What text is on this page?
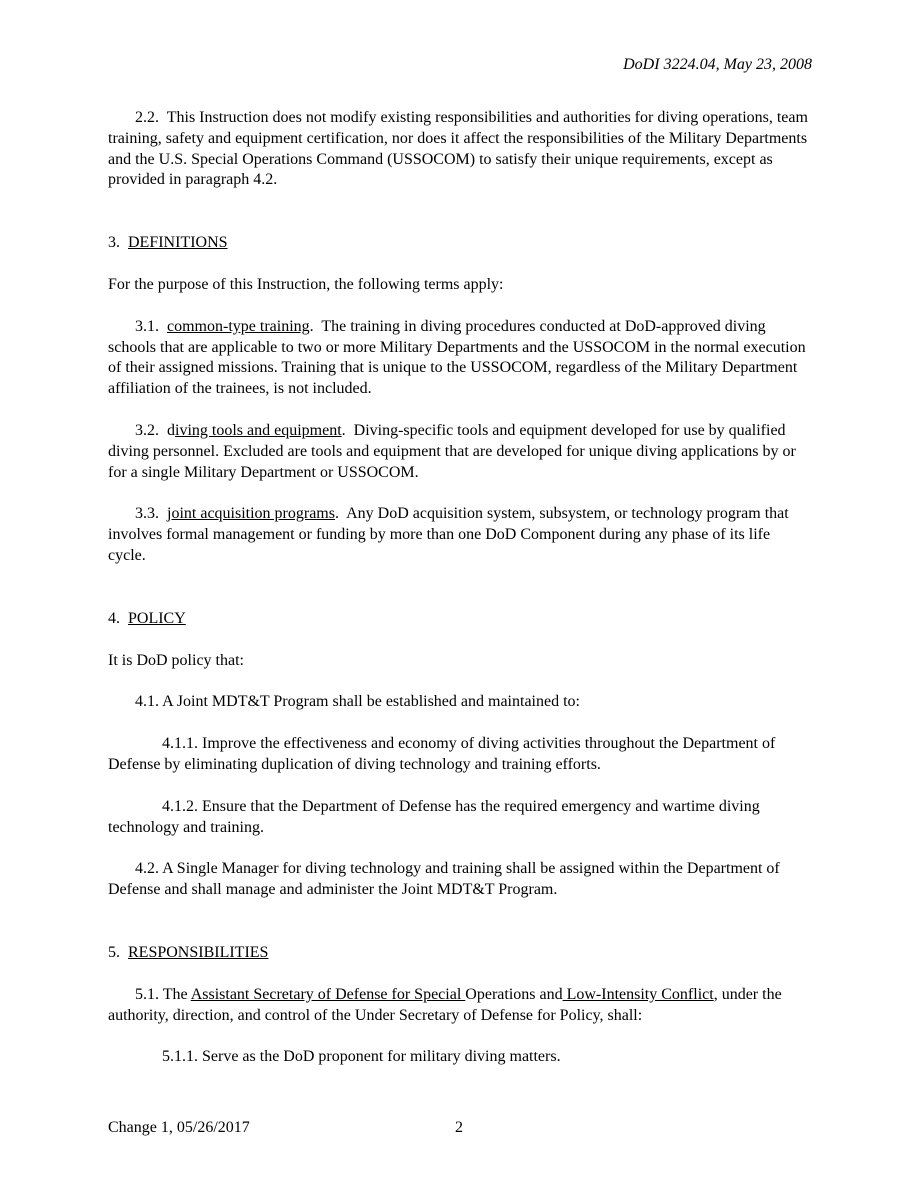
DoDI 3224.04, May 23, 2008

2.2. This Instruction does not modify existing responsibilities and authorities for diving operations, team training, safety and equipment certification, nor does it affect the responsibilities of the Military Departments and the U.S. Special Operations Command (USSOCOM) to satisfy their unique requirements, except as provided in paragraph 4.2.

3. DEFINITIONS

For the purpose of this Instruction, the following terms apply:

3.1. common-type training.  The training in diving procedures conducted at DoD-approved diving schools that are applicable to two or more Military Departments and the USSOCOM in the normal execution of their assigned missions. Training that is unique to the USSOCOM, regardless of the Military Department affiliation of the trainees, is not included.

3.2. diving tools and equipment.  Diving-specific tools and equipment developed for use by qualified diving personnel. Excluded are tools and equipment that are developed for unique diving applications by or for a single Military Department or USSOCOM.

3.3. joint acquisition programs.  Any DoD acquisition system, subsystem, or technology program that involves formal management or funding by more than one DoD Component during any phase of its life cycle.

4. POLICY

It is DoD policy that:

4.1. A Joint MDT&T Program shall be established and maintained to:

4.1.1. Improve the effectiveness and economy of diving activities throughout the Department of Defense by eliminating duplication of diving technology and training efforts.

4.1.2. Ensure that the Department of Defense has the required emergency and wartime diving technology and training.

4.2. A Single Manager for diving technology and training shall be assigned within the Department of Defense and shall manage and administer the Joint MDT&T Program.

5. RESPONSIBILITIES

5.1. The Assistant Secretary of Defense for Special Operations and Low-Intensity Conflict, under the authority, direction, and control of the Under Secretary of Defense for Policy, shall:

5.1.1. Serve as the DoD proponent for military diving matters.

Change 1, 05/26/2017	2
